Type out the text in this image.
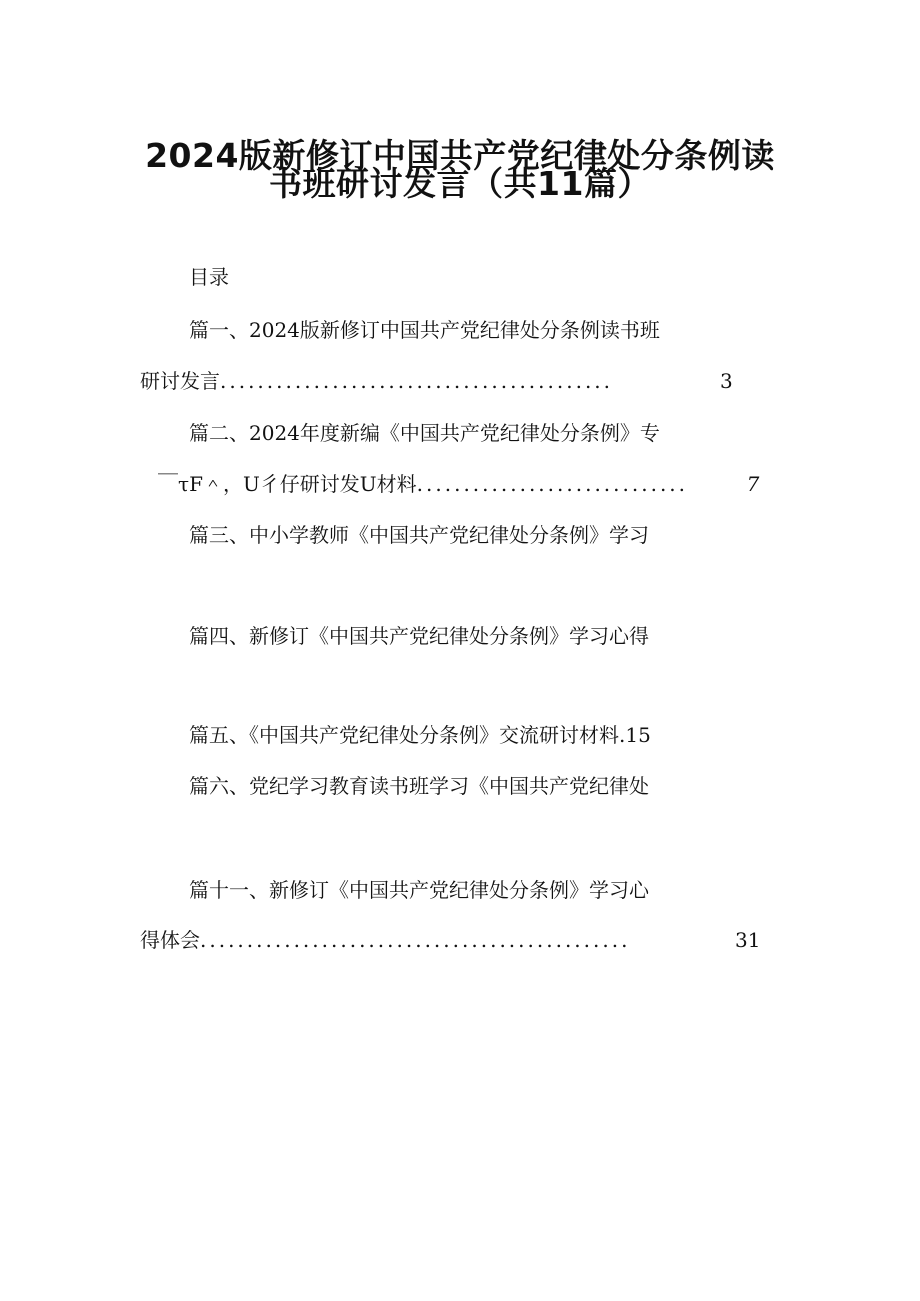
2024版新修订中国共产党纪律处分条例读
书班研讨发言（共11篇）

目录

篇一、2024版新修订中国共产党纪律处分条例读书班

研讨发言 ..........................................	3

篇二、2024年度新编《中国共产党纪律处分条例》专

￣τF＾，U彳仔研讨发U材料 .............................	7

篇三、中小学教师《中国共产党纪律处分条例》学习

篇四、新修订《中国共产党纪律处分条例》学习心得

篇五、《中国共产党纪律处分条例》交流研讨材料.15

篇六、党纪学习教育读书班学习《中国共产党纪律处

篇十一、新修订《中国共产党纪律处分条例》学习心

得体会 ..............................................	31
